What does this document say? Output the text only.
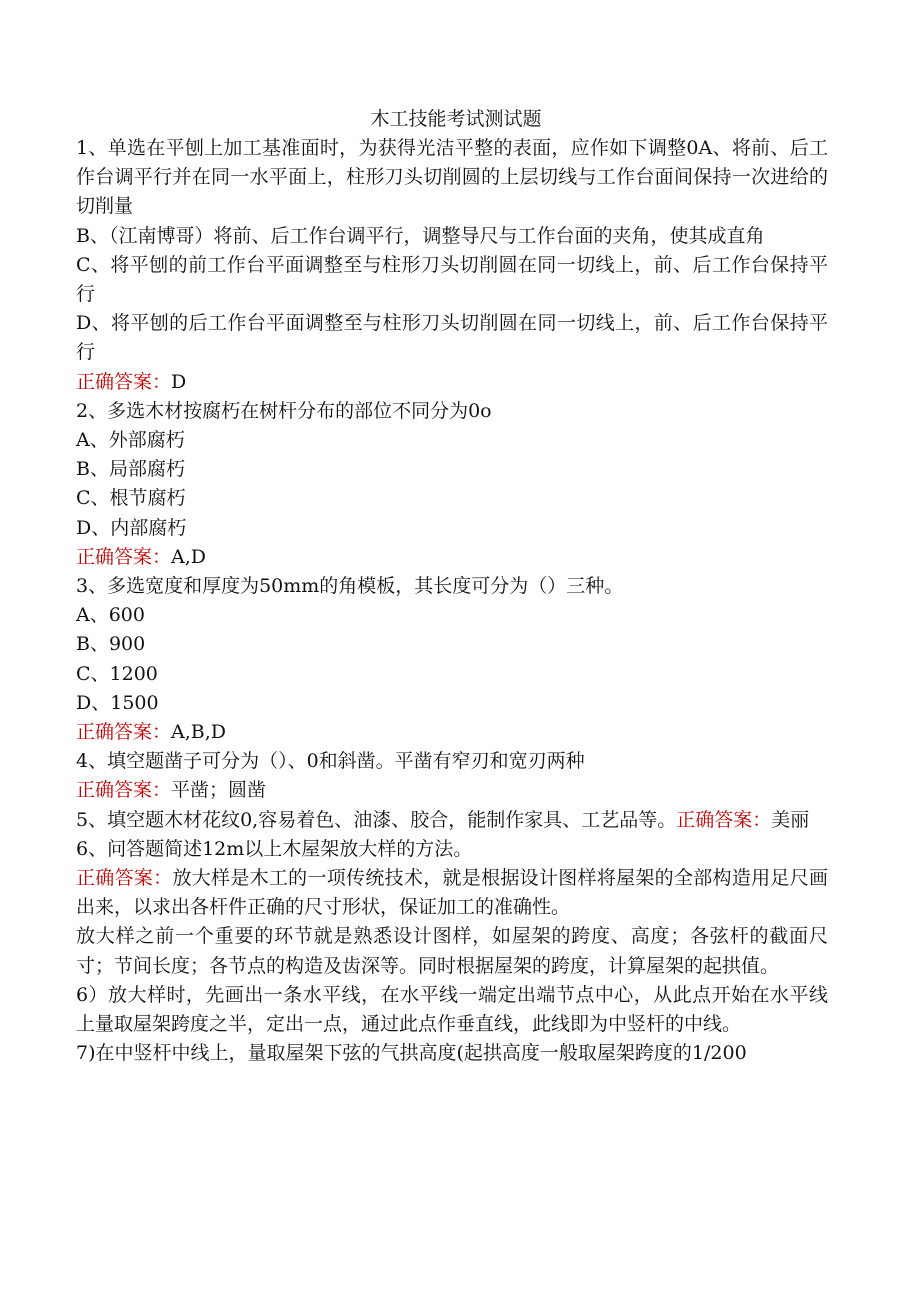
木工技能考试测试题

1、单选在平刨上加工基准面时，为获得光洁平整的表面，应作如下调整0A、将前、后工作台调平行并在同一水平面上，柱形刀头切削圆的上层切线与工作台面间保持一次进给的切削量

B、（江南博哥）将前、后工作台调平行，调整导尺与工作台面的夹角，使其成直角

C、将平刨的前工作台平面调整至与柱形刀头切削圆在同一切线上，前、后工作台保持平行

D、将平刨的后工作台平面调整至与柱形刀头切削圆在同一切线上，前、后工作台保持平行

正确答案：D

2、多选木材按腐朽在树杆分布的部位不同分为0o

A、外部腐朽

B、局部腐朽

C、根节腐朽

D、内部腐朽

正确答案：A,D

3、多选宽度和厚度为50mm的角模板，其长度可分为（）三种。

A、600

B、900

C、1200

D、1500

正确答案：A,B,D

4、填空题凿子可分为（）、0和斜凿。平凿有窄刃和宽刃两种

正确答案：平凿；圆凿

5、填空题木材花纹0,容易着色、油漆、胶合，能制作家具、工艺品等。正确答案：美丽

6、问答题简述12m以上木屋架放大样的方法。

正确答案：放大样是木工的一项传统技术，就是根据设计图样将屋架的全部构造用足尺画出来，以求出各杆件正确的尺寸形状，保证加工的准确性。

放大样之前一个重要的环节就是熟悉设计图样，如屋架的跨度、高度；各弦杆的截面尺寸；节间长度；各节点的构造及齿深等。同时根据屋架的跨度，计算屋架的起拱值。

6）放大样时，先画出一条水平线，在水平线一端定出端节点中心，从此点开始在水平线上量取屋架跨度之半，定出一点，通过此点作垂直线，此线即为中竖杆的中线。

7)在中竖杆中线上，量取屋架下弦的气拱高度(起拱高度一般取屋架跨度的1/200
